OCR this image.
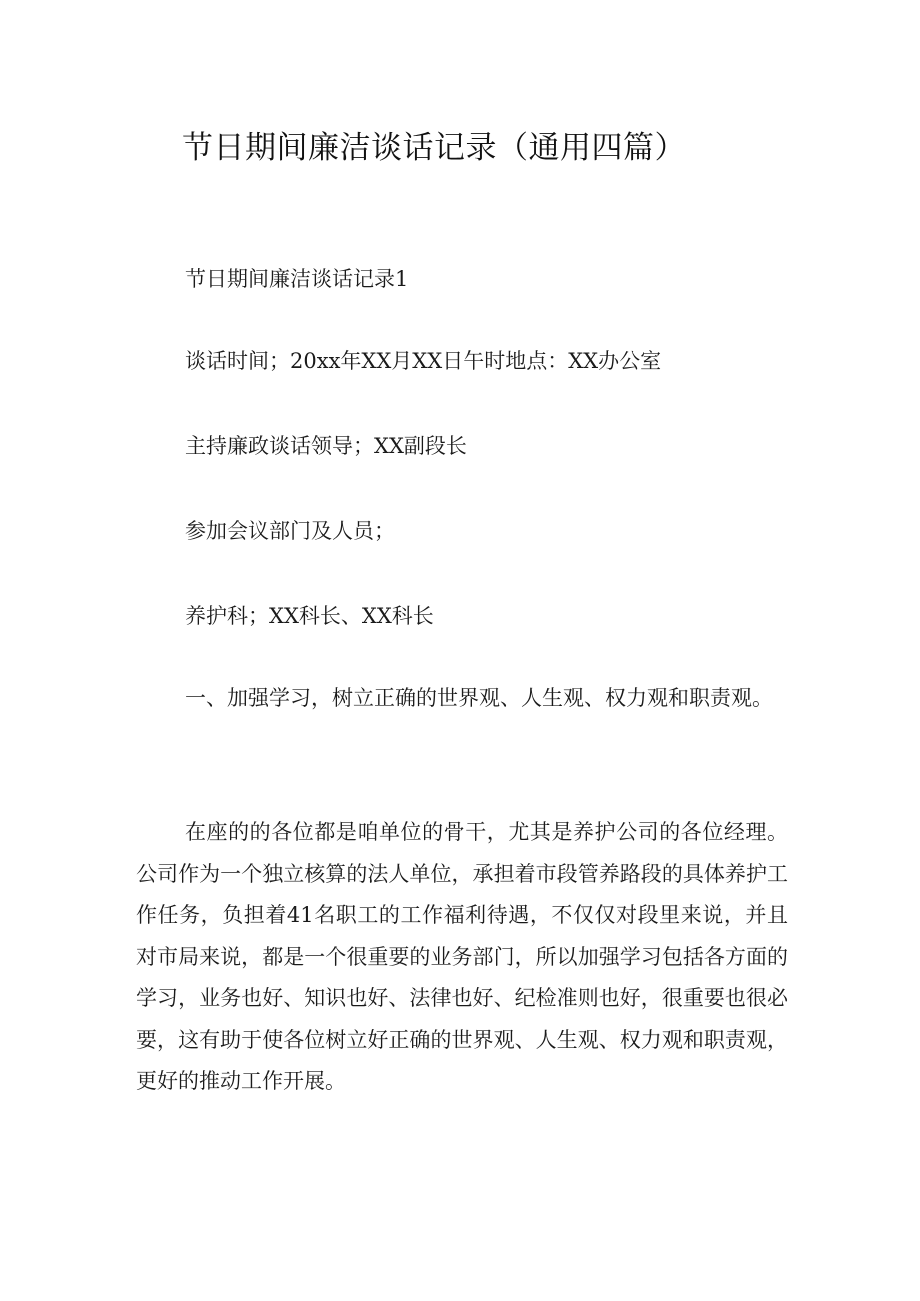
节日期间廉洁谈话记录（通用四篇）

节日期间廉洁谈话记录1

谈话时间；20xx年XX月XX日午时地点：XX办公室

主持廉政谈话领导；XX副段长

参加会议部门及人员；

养护科；XX科长、XX科长

一、加强学习，树立正确的世界观、人生观、权力观和职责观。

在座的的各位都是咱单位的骨干，尤其是养护公司的各位经理。公司作为一个独立核算的法人单位，承担着市段管养路段的具体养护工作任务，负担着41名职工的工作福利待遇，不仅仅对段里来说，并且对市局来说，都是一个很重要的业务部门，所以加强学习包括各方面的学习，业务也好、知识也好、法律也好、纪检准则也好，很重要也很必要，这有助于使各位树立好正确的世界观、人生观、权力观和职责观，更好的推动工作开展。
